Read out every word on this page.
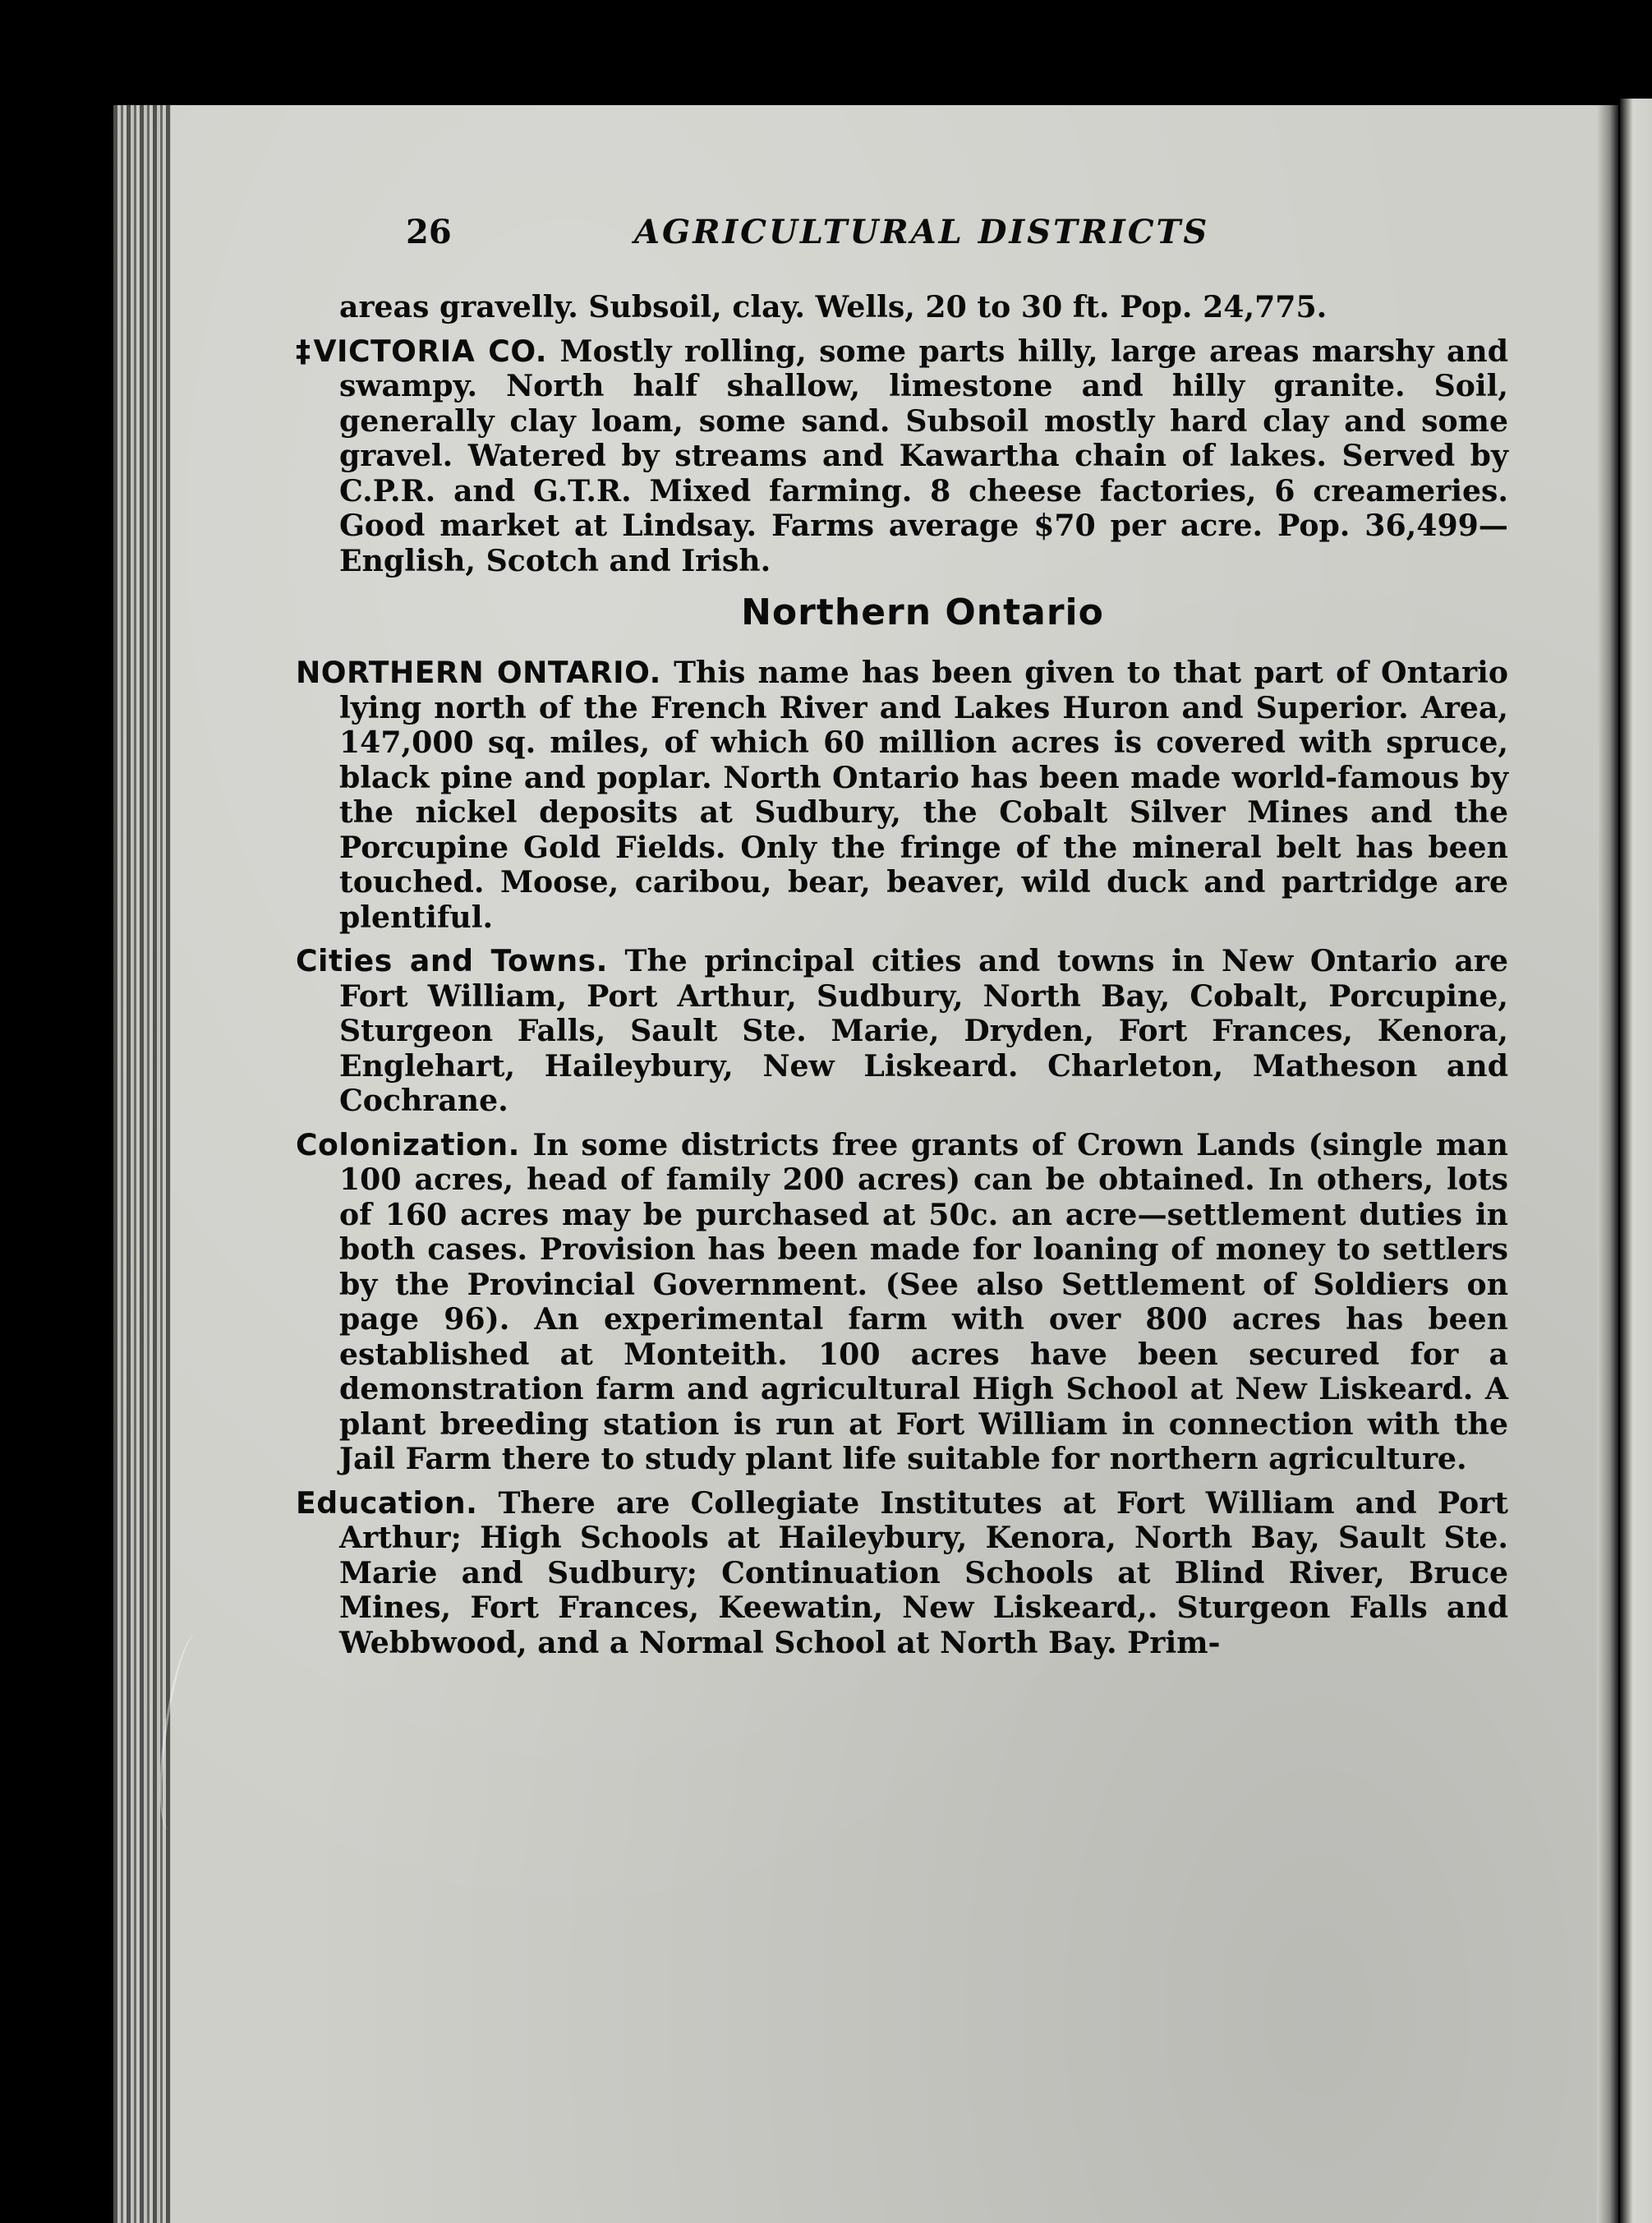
26	AGRICULTURAL DISTRICTS

areas gravelly. Subsoil, clay. Wells, 20 to 30 ft. Pop. 24,775.

‡VICTORIA CO. Mostly rolling, some parts hilly, large areas marshy and swampy. North half shallow, limestone and hilly granite. Soil, generally clay loam, some sand. Subsoil mostly hard clay and some gravel. Watered by streams and Kawartha chain of lakes. Served by C.P.R. and G.T.R. Mixed farming. 8 cheese factories, 6 creameries. Good market at Lindsay. Farms average $70 per acre. Pop. 36,499—English, Scotch and Irish.

Northern Ontario

NORTHERN ONTARIO. This name has been given to that part of Ontario lying north of the French River and Lakes Huron and Superior. Area, 147,000 sq. miles, of which 60 million acres is covered with spruce, black pine and poplar. North Ontario has been made world-famous by the nickel deposits at Sudbury, the Cobalt Silver Mines and the Porcupine Gold Fields. Only the fringe of the mineral belt has been touched. Moose, caribou, bear, beaver, wild duck and partridge are plentiful.

Cities and Towns. The principal cities and towns in New Ontario are Fort William, Port Arthur, Sudbury, North Bay, Cobalt, Porcupine, Sturgeon Falls, Sault Ste. Marie, Dryden, Fort Frances, Kenora, Englehart, Haileybury, New Liskeard. Charleton, Matheson and Cochrane.

Colonization. In some districts free grants of Crown Lands (single man 100 acres, head of family 200 acres) can be obtained. In others, lots of 160 acres may be purchased at 50c. an acre—settlement duties in both cases. Provision has been made for loaning of money to settlers by the Provincial Government. (See also Settlement of Soldiers on page 96). An experimental farm with over 800 acres has been established at Monteith. 100 acres have been secured for a demonstration farm and agricultural High School at New Liskeard. A plant breeding station is run at Fort William in connection with the Jail Farm there to study plant life suitable for northern agriculture.

Education. There are Collegiate Institutes at Fort William and Port Arthur; High Schools at Haileybury, Kenora, North Bay, Sault Ste. Marie and Sudbury; Continuation Schools at Blind River, Bruce Mines, Fort Frances, Keewatin, New Liskeard,. Sturgeon Falls and Webbwood, and a Normal School at North Bay. Prim-
